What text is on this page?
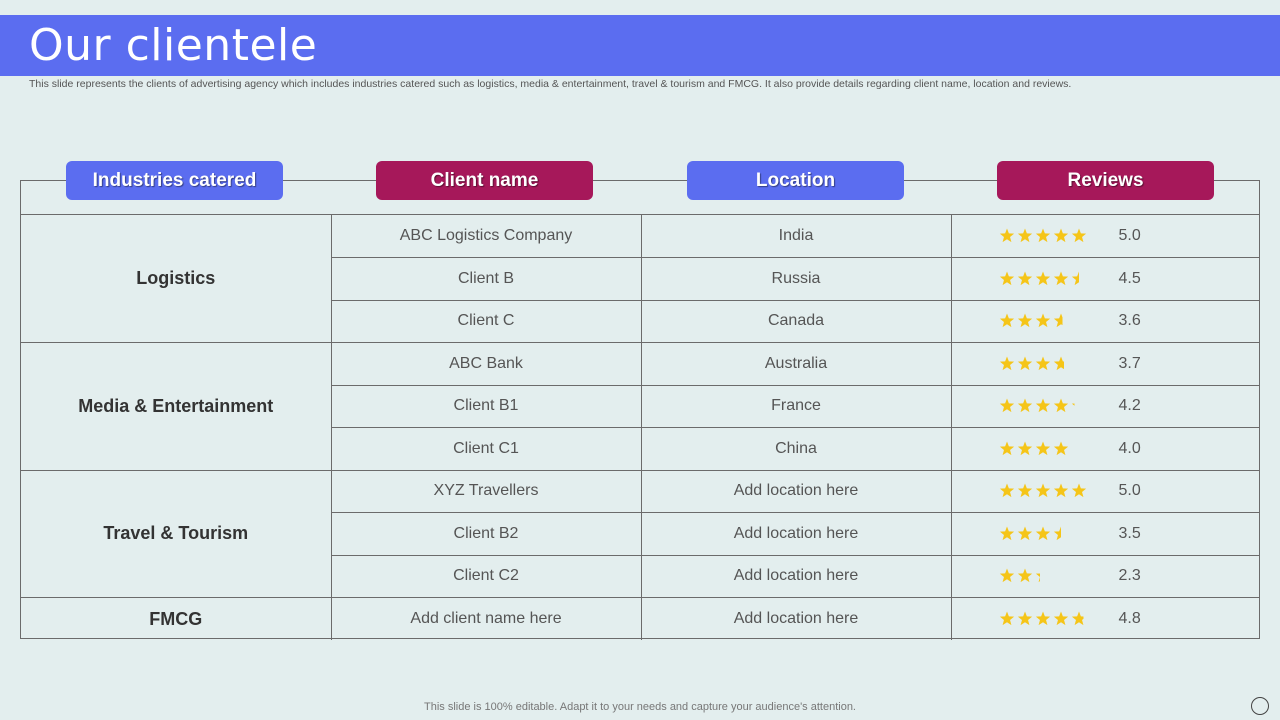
Our clientele
This slide represents the clients of advertising agency which includes industries catered such as logistics, media & entertainment, travel & tourism and FMCG. It also provide details regarding client name, location and reviews.
Industries catered	Client name	Location	Reviews
Logistics	ABC Logistics Company	India	5.0

	Client B	Russia	4.5

	Client C	Canada	3.6

Media & Entertainment	ABC Bank	Australia	3.7

	Client B1	France	4.2

	Client C1	China	4.0

Travel & Tourism	XYZ Travellers	Add location here	5.0

	Client B2	Add location here	3.5

	Client C2	Add location here	2.3

FMCG	Add client name here	Add location here	4.8
This slide is 100% editable. Adapt it to your needs and capture your audience's attention.
